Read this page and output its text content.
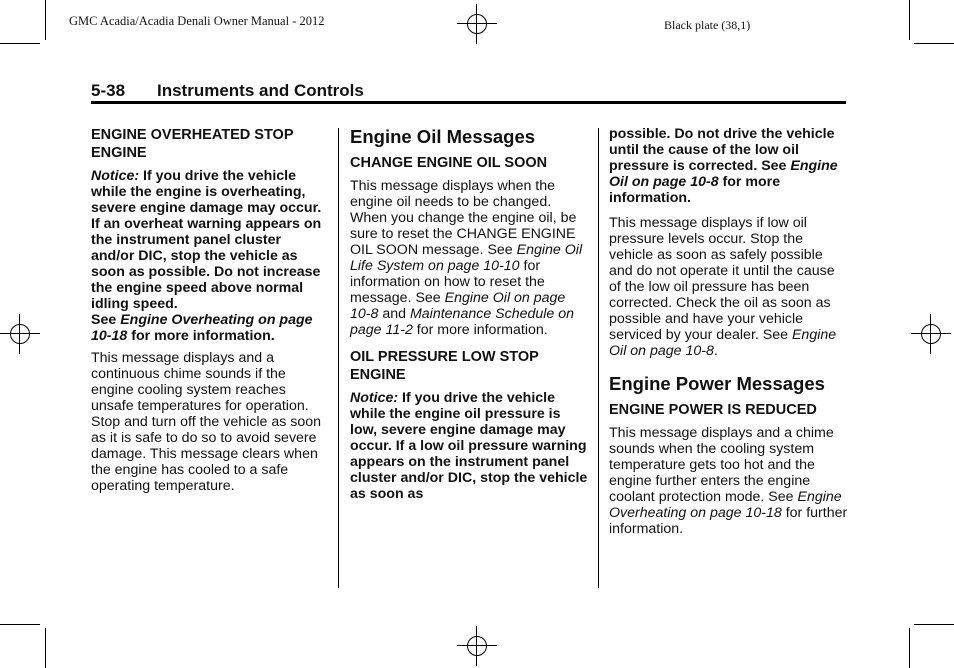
GMC Acadia/Acadia Denali Owner Manual - 2012	Black plate (38,1)
5-38 Instruments and Controls
ENGINE OVERHEATED STOP ENGINE

Notice: If you drive the vehicle while the engine is overheating, severe engine damage may occur. If an overheat warning appears on the instrument panel cluster and/or DIC, stop the vehicle as soon as possible. Do not increase the engine speed above normal idling speed.
See Engine Overheating on page 10-18 for more information.

This message displays and a continuous chime sounds if the engine cooling system reaches unsafe temperatures for operation. Stop and turn off the vehicle as soon as it is safe to do so to avoid severe damage. This message clears when the engine has cooled to a safe operating temperature.

Engine Oil Messages
CHANGE ENGINE OIL SOON

This message displays when the engine oil needs to be changed. When you change the engine oil, be sure to reset the CHANGE ENGINE OIL SOON message. See Engine Oil Life System on page 10-10 for information on how to reset the message. See Engine Oil on page 10-8 and Maintenance Schedule on page 11-2 for more information.

OIL PRESSURE LOW STOP ENGINE

Notice: If you drive the vehicle while the engine oil pressure is low, severe engine damage may occur. If a low oil pressure warning appears on the instrument panel cluster and/or DIC, stop the vehicle as soon as

possible. Do not drive the vehicle until the cause of the low oil pressure is corrected. See Engine Oil on page 10-8 for more information.

This message displays if low oil pressure levels occur. Stop the vehicle as soon as safely possible and do not operate it until the cause of the low oil pressure has been corrected. Check the oil as soon as possible and have your vehicle serviced by your dealer. See Engine Oil on page 10-8.

Engine Power Messages
ENGINE POWER IS REDUCED

This message displays and a chime sounds when the cooling system temperature gets too hot and the engine further enters the engine coolant protection mode. See Engine Overheating on page 10-18 for further information.
